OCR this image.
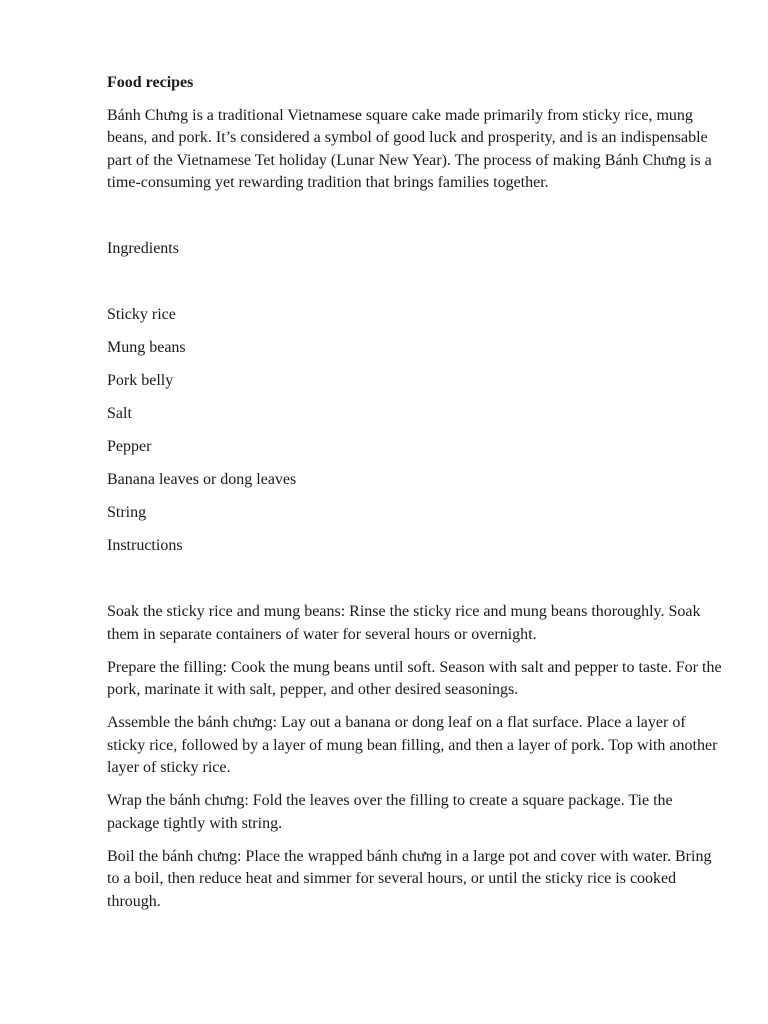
Food recipes

Bánh Chưng is a traditional Vietnamese square cake made primarily from sticky rice, mung beans, and pork. It’s considered a symbol of good luck and prosperity, and is an indispensable part of the Vietnamese Tet holiday (Lunar New Year). The process of making Bánh Chưng is a time-consuming yet rewarding tradition that brings families together.

Ingredients

Sticky rice

Mung beans

Pork belly

Salt

Pepper

Banana leaves or dong leaves

String

Instructions

Soak the sticky rice and mung beans: Rinse the sticky rice and mung beans thoroughly. Soak them in separate containers of water for several hours or overnight.

Prepare the filling: Cook the mung beans until soft. Season with salt and pepper to taste. For the pork, marinate it with salt, pepper, and other desired seasonings.

Assemble the bánh chưng: Lay out a banana or dong leaf on a flat surface. Place a layer of sticky rice, followed by a layer of mung bean filling, and then a layer of pork. Top with another layer of sticky rice.

Wrap the bánh chưng: Fold the leaves over the filling to create a square package. Tie the package tightly with string.

Boil the bánh chưng: Place the wrapped bánh chưng in a large pot and cover with water. Bring to a boil, then reduce heat and simmer for several hours, or until the sticky rice is cooked through.
